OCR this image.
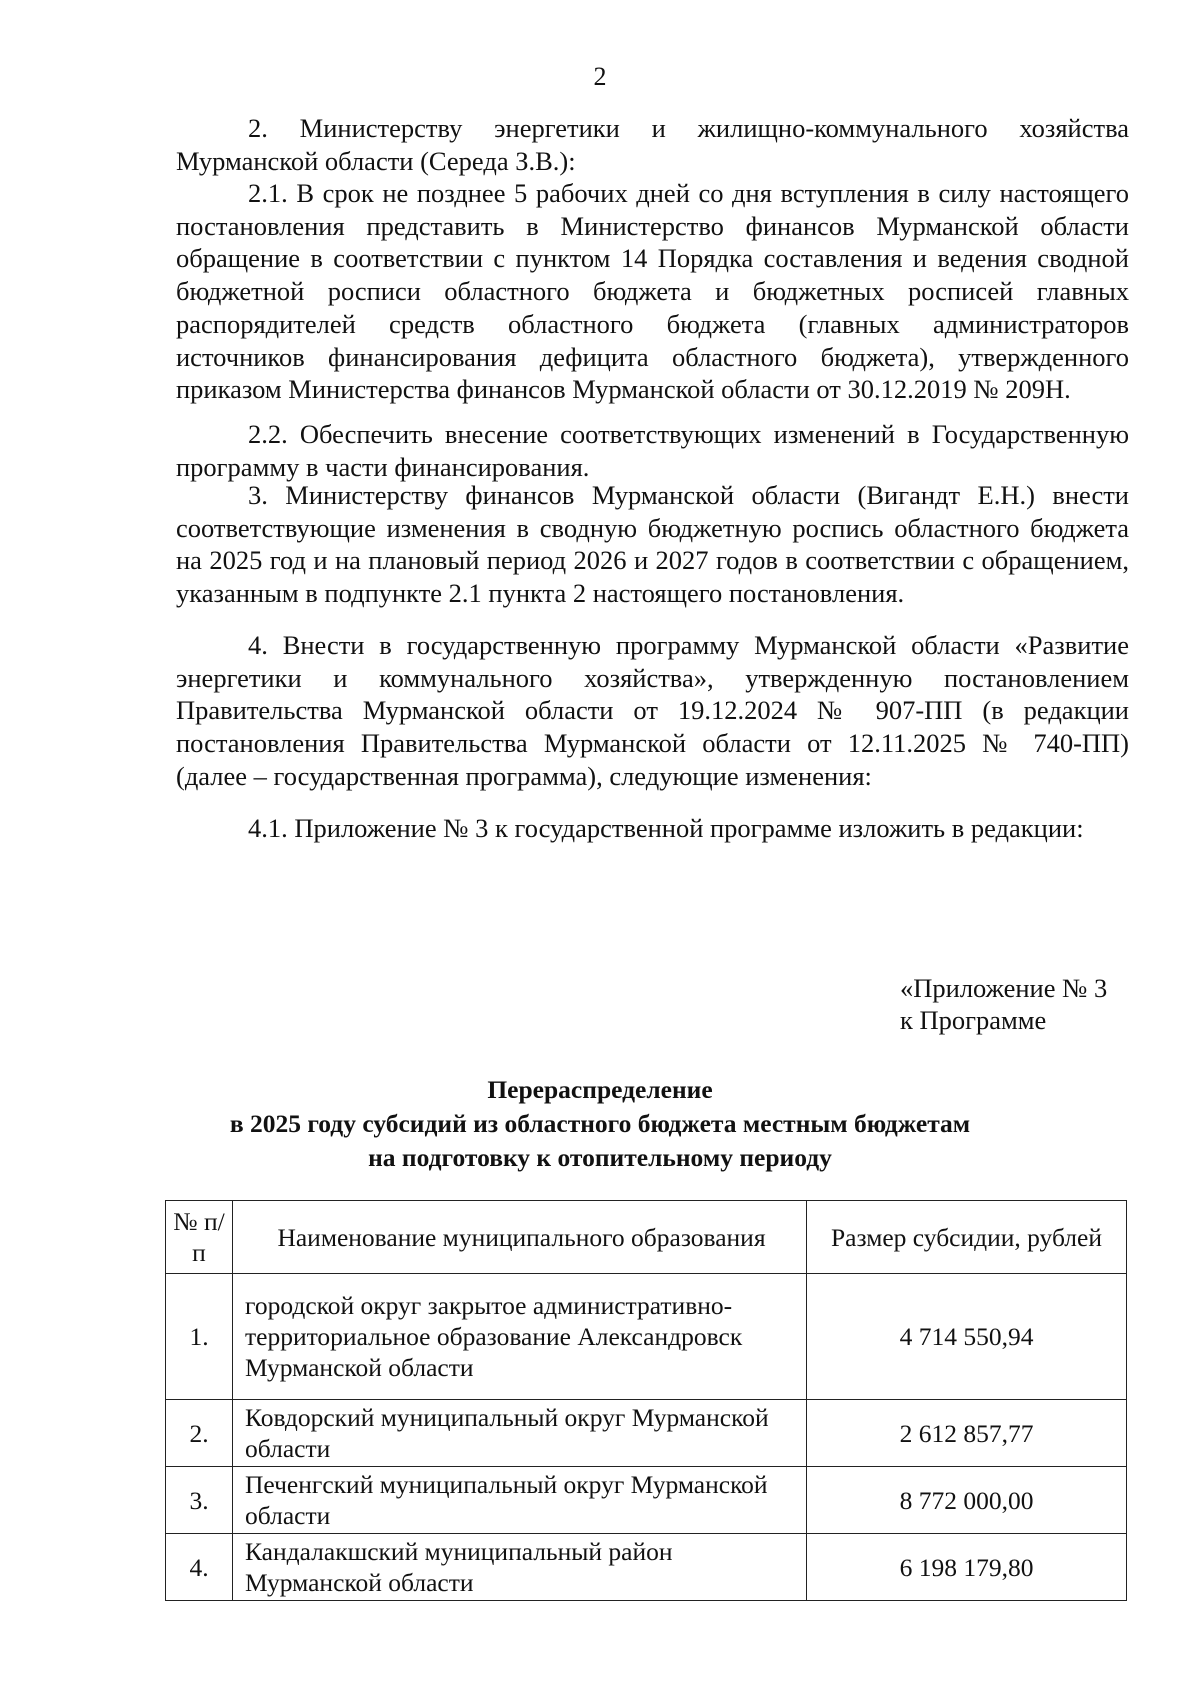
2

2. Министерству энергетики и жилищно-коммунального хозяйства Мурманской области (Середа З.В.):

2.1. В срок не позднее 5 рабочих дней со дня вступления в силу настоящего постановления представить в Министерство финансов Мурманской области обращение в соответствии с пунктом 14 Порядка составления и ведения сводной бюджетной росписи областного бюджета и бюджетных росписей главных распорядителей средств областного бюджета (главных администраторов источников финансирования дефицита областного бюджета), утвержденного приказом Министерства финансов Мурманской области от 30.12.2019 № 209Н.

2.2. Обеспечить внесение соответствующих изменений в Государственную программу в части финансирования.

3. Министерству финансов Мурманской области (Вигандт Е.Н.) внести соответствующие изменения в сводную бюджетную роспись областного бюджета на 2025 год и на плановый период 2026 и 2027 годов в соответствии с обращением, указанным в подпункте 2.1 пункта 2 настоящего постановления.

4. Внести в государственную программу Мурманской области «Развитие энергетики и коммунального хозяйства», утвержденную постановлением Правительства Мурманской области от 19.12.2024 № 907-ПП (в редакции постановления Правительства Мурманской области от 12.11.2025 № 740-ПП) (далее – государственная программа), следующие изменения:

4.1. Приложение № 3 к государственной программе изложить в редакции:

«Приложение № 3
к Программе
Перераспределение
в 2025 году субсидий из областного бюджета местным бюджетам
на подготовку к отопительному периоду
№ п/п	Наименование муниципального образования	Размер субсидии, рублей
1.	городской округ закрытое административно-территориальное образование Александровск Мурманской области	4 714 550,94
2.	Ковдорский муниципальный округ Мурманской области	2 612 857,77
3.	Печенгский муниципальный округ Мурманской области	8 772 000,00
4.	Кандалакшский муниципальный район Мурманской области	6 198 179,80
